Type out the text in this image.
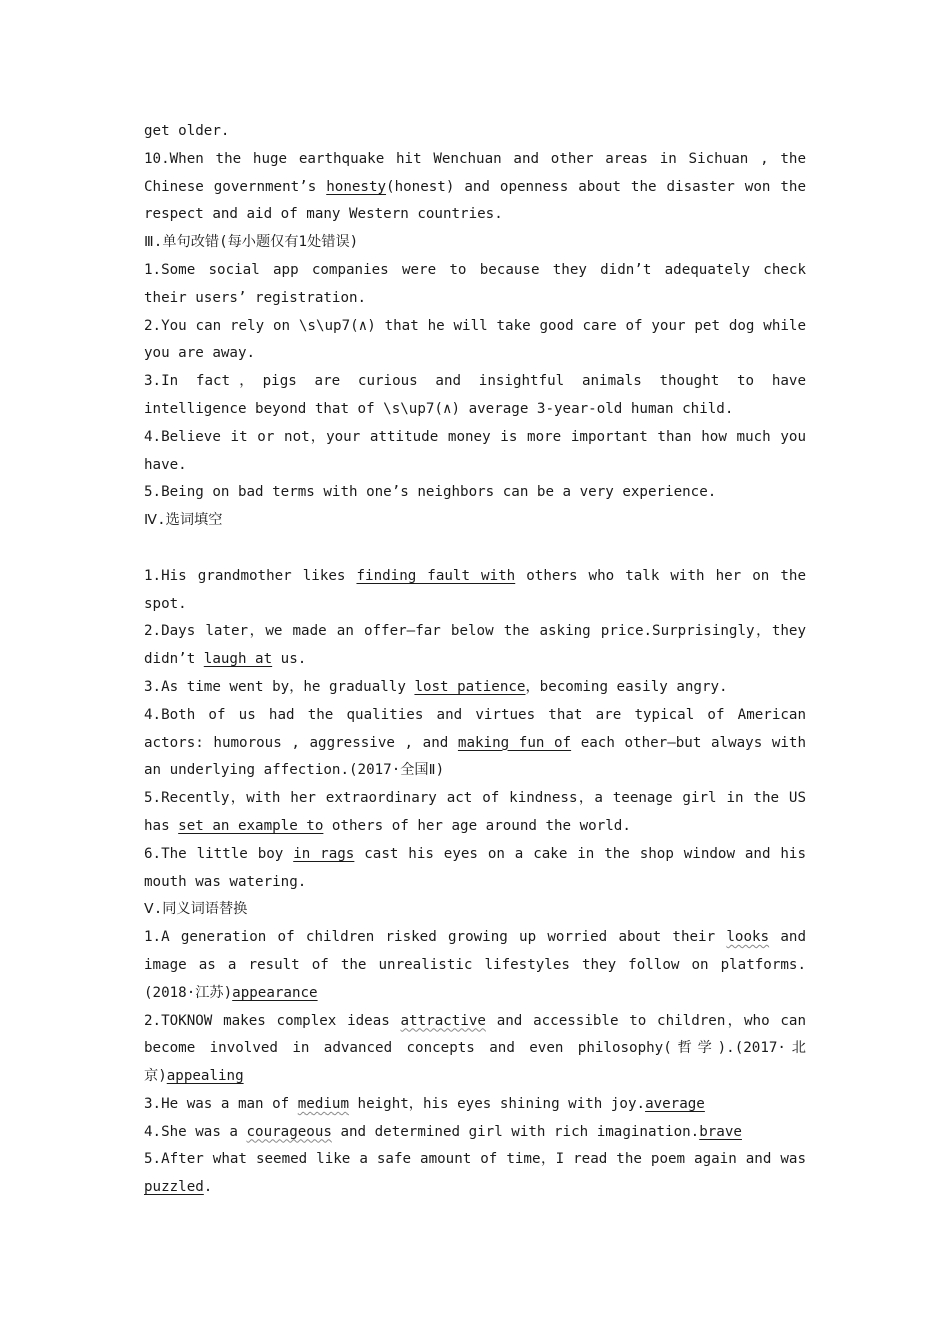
get older.

10.When the huge earthquake hit Wenchuan and other areas in Sichuan , the Chinese government’s honesty(honest) and openness about the disaster won the respect and aid of many Western countries.

Ⅲ.单句改错(每小题仅有1处错误)

1.Some social app companies were to because they didn’t adequately check their users’ registration.

2.You can rely on \s\up7(∧) that he will take good care of your pet dog while you are away.

3.In fact，pigs are curious and insightful animals thought to have intelligence beyond that of \s\up7(∧) average 3-year-old human child.

4.Believe it or not，your attitude money is more important than how much you have.

5.Being on bad terms with one’s neighbors can be a very experience.

Ⅳ.选词填空

1.His grandmother likes finding fault with others who talk with her on the spot.

2.Days later，we made an offer—far below the asking price.Surprisingly，they didn’t laugh at us.

3.As time went by，he gradually lost patience，becoming easily angry.

4.Both of us had the qualities and virtues that are typical of American actors: humorous , aggressive , and making fun of each other—but always with an underlying affection.(2017·全国Ⅱ)

5.Recently，with her extraordinary act of kindness，a teenage girl in the US has set an example to others of her age around the world.

6.The little boy in rags cast his eyes on a cake in the shop window and his mouth was watering.

Ⅴ.同义词语替换

1.A generation of children risked growing up worried about their looks and image as a result of the unrealistic lifestyles they follow on platforms.(2018·江苏)appearance

2.TOKNOW makes complex ideas attractive and accessible to children，who can become involved in advanced concepts and even philosophy(哲学).(2017·北京)appealing

3.He was a man of medium height，his eyes shining with joy.average

4.She was a courageous and determined girl with rich imagination.brave

5.After what seemed like a safe amount of time，I read the poem again and was puzzled.
